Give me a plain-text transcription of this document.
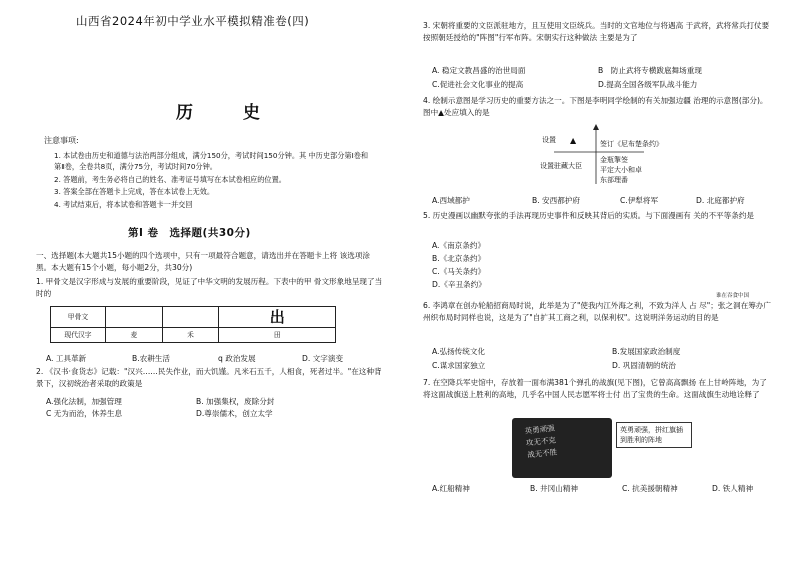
山西省2024年初中学业水平模拟精准卷(四)
历 史
注意事项:
1. 本试卷由历史和道德与法治两部分组成，满分150分，考试时间150分钟。其 中历史部分第Ⅰ卷和第Ⅱ卷，全卷共8页，满分75分，考试时间70分钟。
2. 答题前，考生务必将自己的姓名、准考证号填写在本试卷相应的位置。
3. 答案全部在答题卡上完成，答在本试卷上无效。
4. 考试结束后，将本试卷和答题卡一并交回
第Ⅰ 卷　选择题(共30分)
一、选择题(本大题共15小题的四个选项中，只有一项最符合题意，请选出并在答题卡上将 该选项涂黑。本大题有15个小题，每小题2分，共30分)
1. 甲骨文是汉字形成与发展的重要阶段，见证了中华文明的发展历程。下表中的甲 骨文形象地呈现了当时的
甲骨文			出
现代汉字	麦	禾	田
A. 工具革新	B.农耕生活	q 政治发展	D. 文字演变
2. 《汉书·食货志》记载："汉兴……民失作业，而大饥馑。凡米石五千，人相食，死者过半。"在这种背景下，汉初统治者采取的政策是
A.强化法制，加强管理	B. 加强集权，废除分封
C 无为而治，休养生息	D.尊崇儒术，创立太学
3. 宋朝将重要的文臣派驻地方，且互使用文臣统兵。当时的文官地位与将遇高 于武将，武将常兵打仗要按照朝廷授给的"阵图"行军布阵。宋朝实行这种做法 主要是为了
A. 稳定文教昌盛的治世局面	B　防止武将专横跋扈舞场重现
C.促进社会文化事业的提高	D.提高全国各级军队战斗能力
4. 绘制示意图是学习历史的重要方法之一。下图是李明同学绘制的有关加强边疆 治理的示意图(部分)。图中▲处应填入的是
设置 ▲	签订《尼布楚条约》
设置驻藏大臣
金瓶掣签
平定大小和卓
东部理番
A.西域都护	B. 安西都护府	C.伊犁将军	D. 北庭都护府
5. 历史漫画以幽默夸张的手法再现历史事件和反映其背后的实质。与下面漫画有 关的不平等条约是
A.《南京条约》
B.《北京条约》
C.《马关条约》
D.《辛丑条约》
谁在吞食中国
6. 李鸿章在创办轮船招商局时说，此举是为了"使我内江外海之利，不致为洋人 占 尽"；张之洞在筹办广州织布局时同样也说，这是为了"自扩其工商之利，以保利权"。这说明洋务运动的目的是
A.弘扬传统文化	B.发展国家政治制度
C.谋求国家独立	D. 巩固清朝的统治
7. 在空降兵军史馆中，存放着一面布满381个弹孔的战旗(见下图)，它曾高高飘扬 在上甘岭阵地，为了将这面战旗送上胜利的高地，几乎名中国人民志愿军将士付 出了宝贵的生命。这面战旗生动地诠释了
英勇顽强
攻无不克
战无不胜
英勇顽强，拼红旗插到胜利的阵地
A.红船精神	B. 井冈山精神	C. 抗美援朝精神	D. 铁人精神
